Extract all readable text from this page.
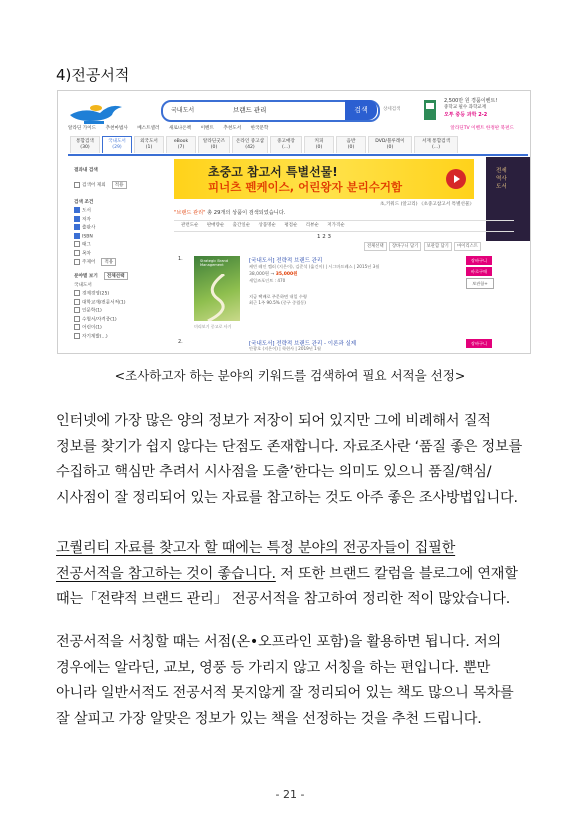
4)전공서적
국내도서	브랜드 관리	검색	상세검색
2,500만 원 경품이벤트!
중학교 필수 과학교재
오투 중등 과학 2-2
알라딘 가이드 추천마법사 베스트셀러 새로나온책 이벤트 추천도서 한국문학	알라딘TV 이벤트 한정판 북펀드
통합검색
(30)
국내도서
(29)
외국도서
(1)
eBook
(7)
알라딘굿즈
(0)
온라인 중고샵
(42)
중고매장
(...)
커피
(0)
음반
(0)
DVD/블루레이
(0)
서재 통합검색
(...)
결과내 검색
검색어 제외 적용
검색 조건
도서
저자
출판사
ISBN
태그
목차
주제어 적용
분야별 보기 전체선택
국내도서
경제경영(25)
대학교재/전문서적(1)
인문학(1)
수험서/자격증(1)
어린이(1)
자기계발(...)
초중고 참고서 특별선물!
피너츠 펜케이스, 어린왕자 분리수거함
전세
역사
도서
초,키워드 (알고리) 《초중고참고서 특별선물》
"브랜드 관리" 총 29개의 상품이 검색되었습니다.
관련도순 판매량순 출간일순 상품명순 평점순 리뷰순 저가격순
1 2 3
전체선택 장바구니 담기 보관함 담기 마이리스트
1.	Strategic Brand Management
[국내도서] 전략적 브랜드 관리
케빈 레인 켈러 (지은이), 김준석 (옮긴이) | 시그마프레스 | 2015년 3월
38,000원 → 35,000원
세일즈포인트 : 470
지금 택배로 주문하면 내일 수령
최근 1주 90.5% (중구 중림동)
미리보기 중고로 사기
장바구니
바로구매
보관함+
2.	[국내도서] 전략적 브랜드 관리 - 이론과 실제
안광호 (지은이) | 학현사 | 2019년 1월
장바구니
<조사하고자 하는 분야의 키워드를 검색하여 필요 서적을 선정>

인터넷에 가장 많은 양의 정보가 저장이 되어 있지만 그에 비례해서 질적 정보를 찾기가 쉽지 않다는 단점도 존재합니다. 자료조사란 ‘품질 좋은 정보를 수집하고 핵심만 추려서 시사점을 도출’한다는 의미도 있으니 품질/핵심/시사점이 잘 정리되어 있는 자료를 참고하는 것도 아주 좋은 조사방법입니다.

고퀄리티 자료를 찾고자 할 때에는 특정 분야의 전공자들이 집필한 전공서적을 참고하는 것이 좋습니다. 저 또한 브랜드 칼럼을 블로그에 연재할 때는「전략적 브랜드 관리」 전공서적을 참고하여 정리한 적이 많았습니다.

전공서적을 서칭할 때는 서점(온•오프라인 포함)을 활용하면 됩니다. 저의 경우에는 알라딘, 교보, 영풍 등 가리지 않고 서칭을 하는 편입니다. 뿐만 아니라 일반서적도 전공서적 못지않게 잘 정리되어 있는 책도 많으니 목차를 잘 살피고 가장 알맞은 정보가 있는 책을 선정하는 것을 추천 드립니다.

- 21 -
